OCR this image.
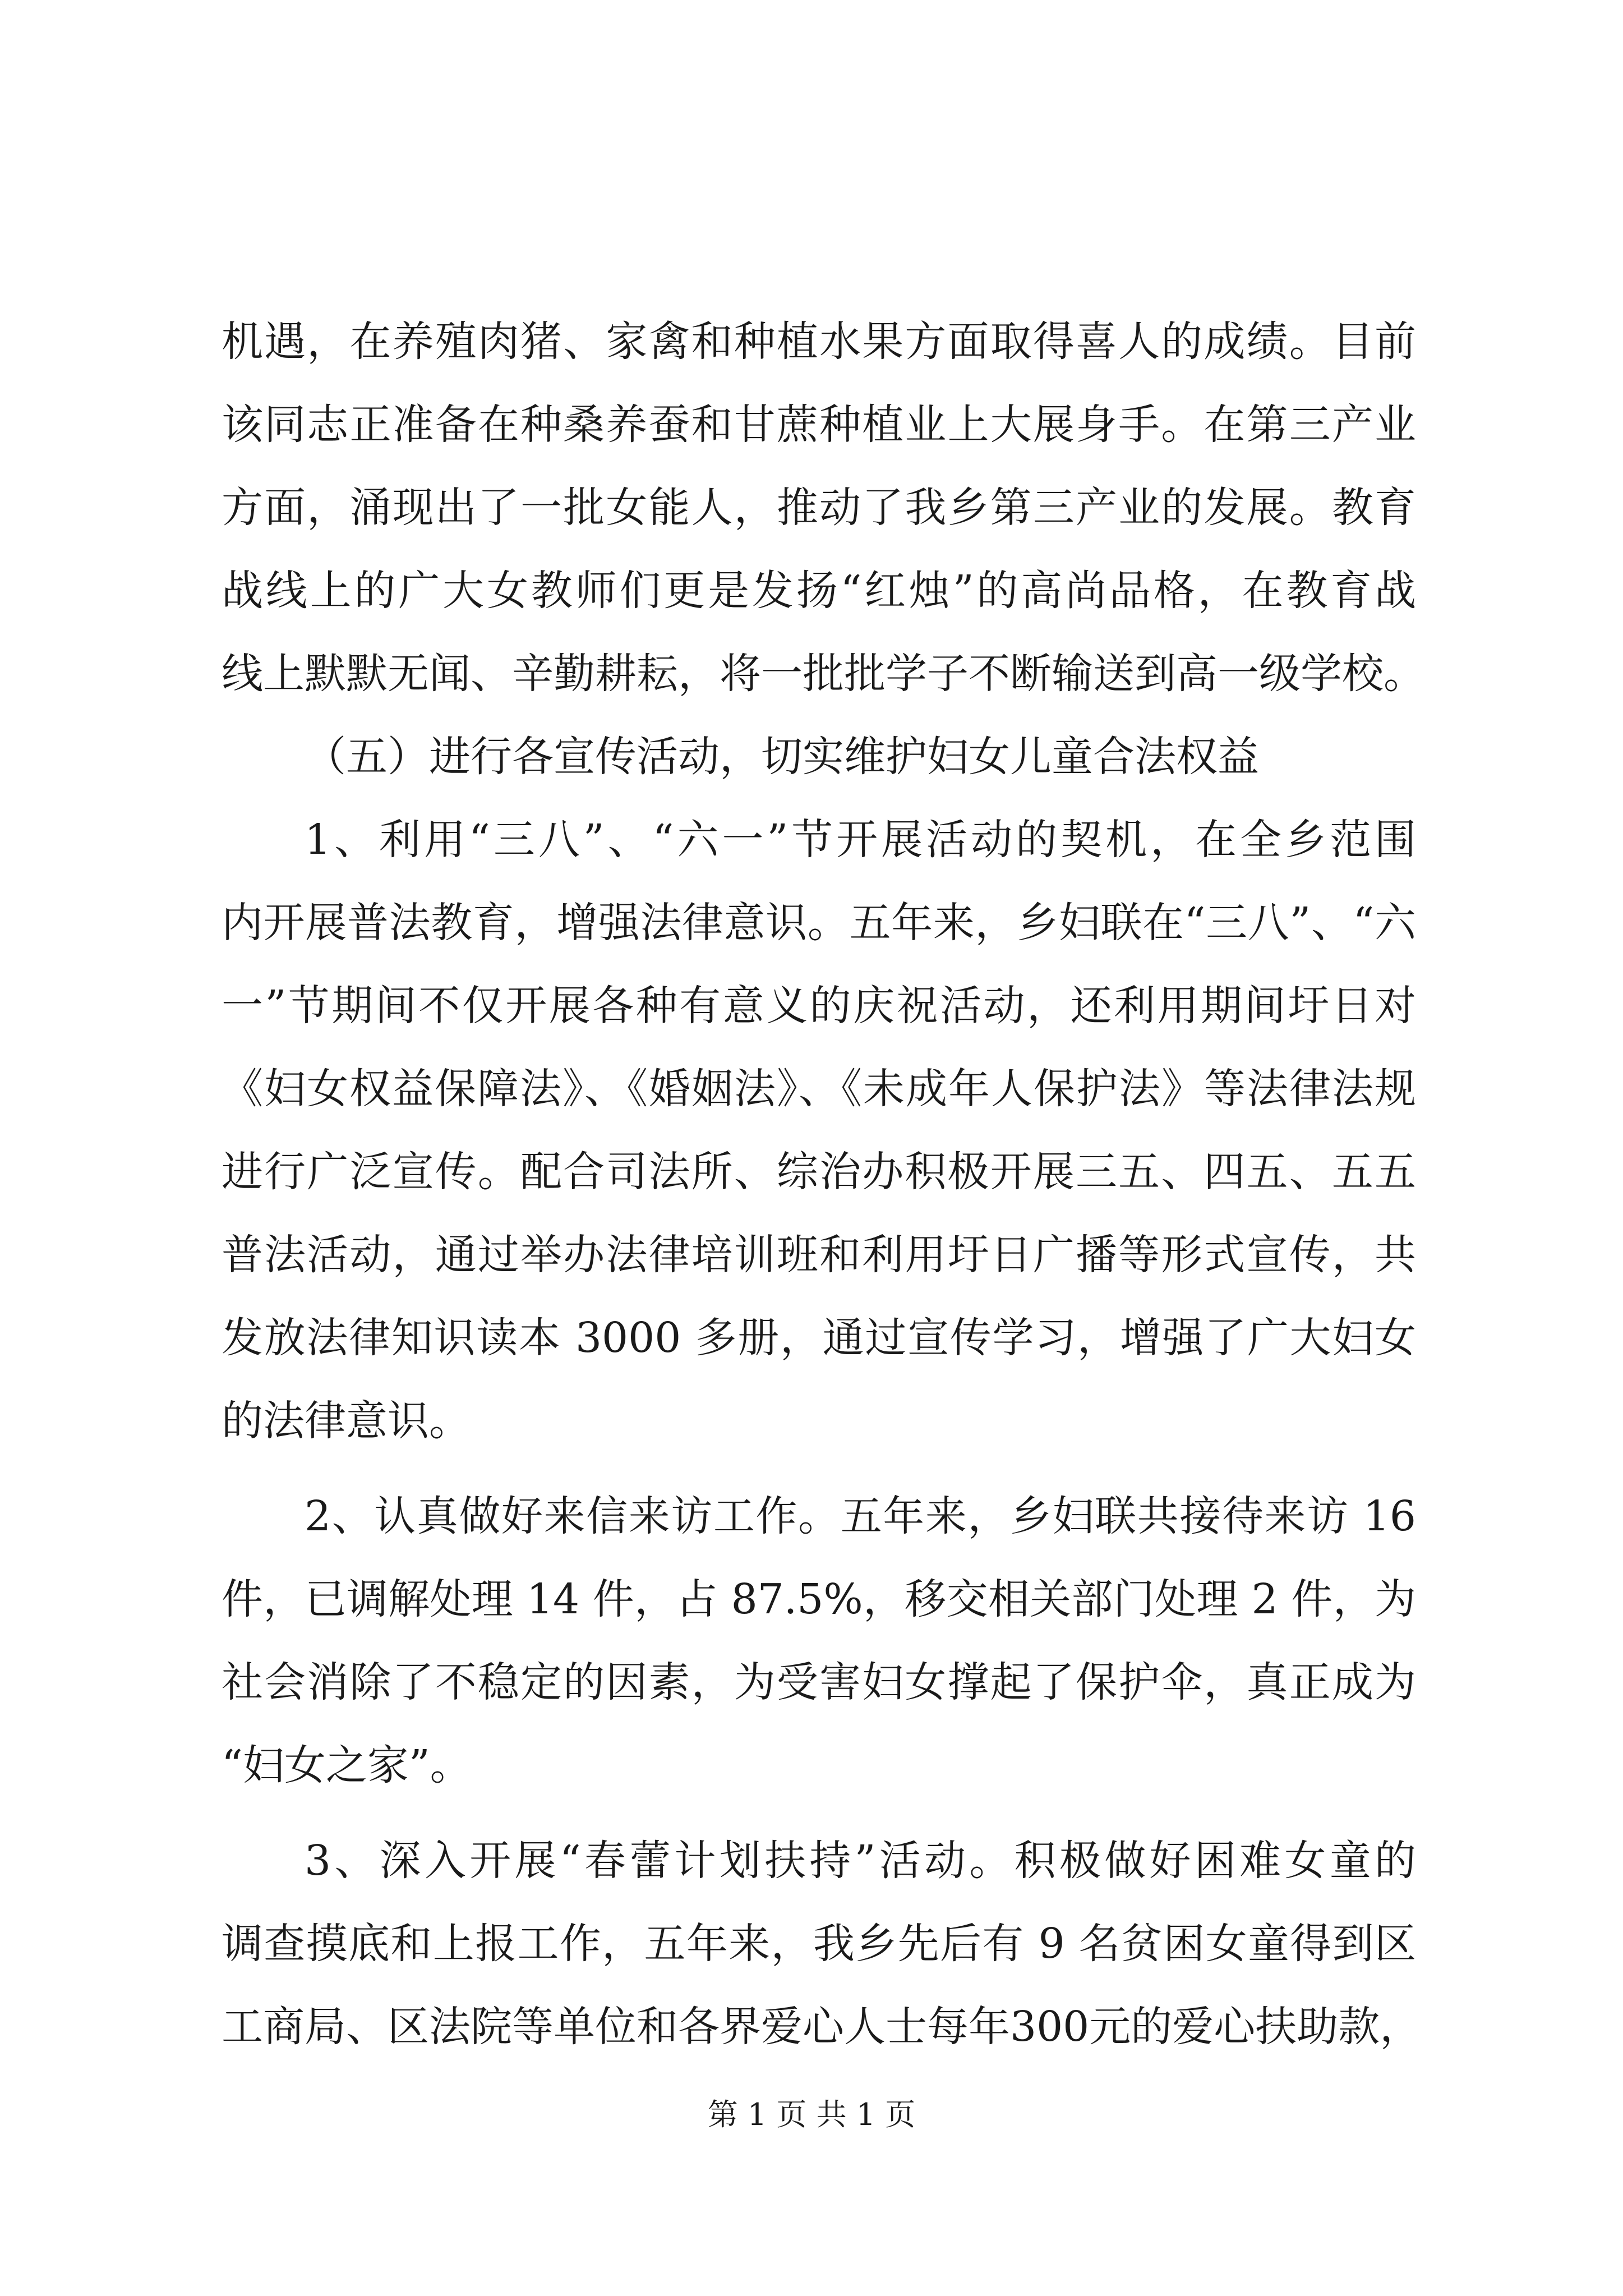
机遇，在养殖肉猪、家禽和种植水果方面取得喜人的成绩。目前
该同志正准备在种桑养蚕和甘蔗种植业上大展身手。在第三产业
方面，涌现出了一批女能人，推动了我乡第三产业的发展。教育
战线上的广大女教师们更是发扬“红烛”的高尚品格，在教育战
线上默默无闻、辛勤耕耘，将一批批学子不断输送到高一级学校。
（五）进行各宣传活动，切实维护妇女儿童合法权益
1、利用“三八”、“六一”节开展活动的契机，在全乡范围
内开展普法教育，增强法律意识。五年来，乡妇联在“三八”、“六
一”节期间不仅开展各种有意义的庆祝活动，还利用期间圩日对
《妇女权益保障法》、《婚姻法》、《未成年人保护法》等法律法规
进行广泛宣传。配合司法所、综治办积极开展三五、四五、五五
普法活动，通过举办法律培训班和利用圩日广播等形式宣传，共
发放法律知识读本 3000 多册，通过宣传学习，增强了广大妇女
的法律意识。
2、认真做好来信来访工作。五年来，乡妇联共接待来访 16
件，已调解处理 14 件，占 87.5%，移交相关部门处理 2 件，为
社会消除了不稳定的因素，为受害妇女撑起了保护伞，真正成为
“妇女之家”。
3、深入开展“春蕾计划扶持”活动。积极做好困难女童的
调查摸底和上报工作，五年来，我乡先后有 9 名贫困女童得到区
工商局、区法院等单位和各界爱心人士每年300元的爱心扶助款，
第 1 页 共 1 页
